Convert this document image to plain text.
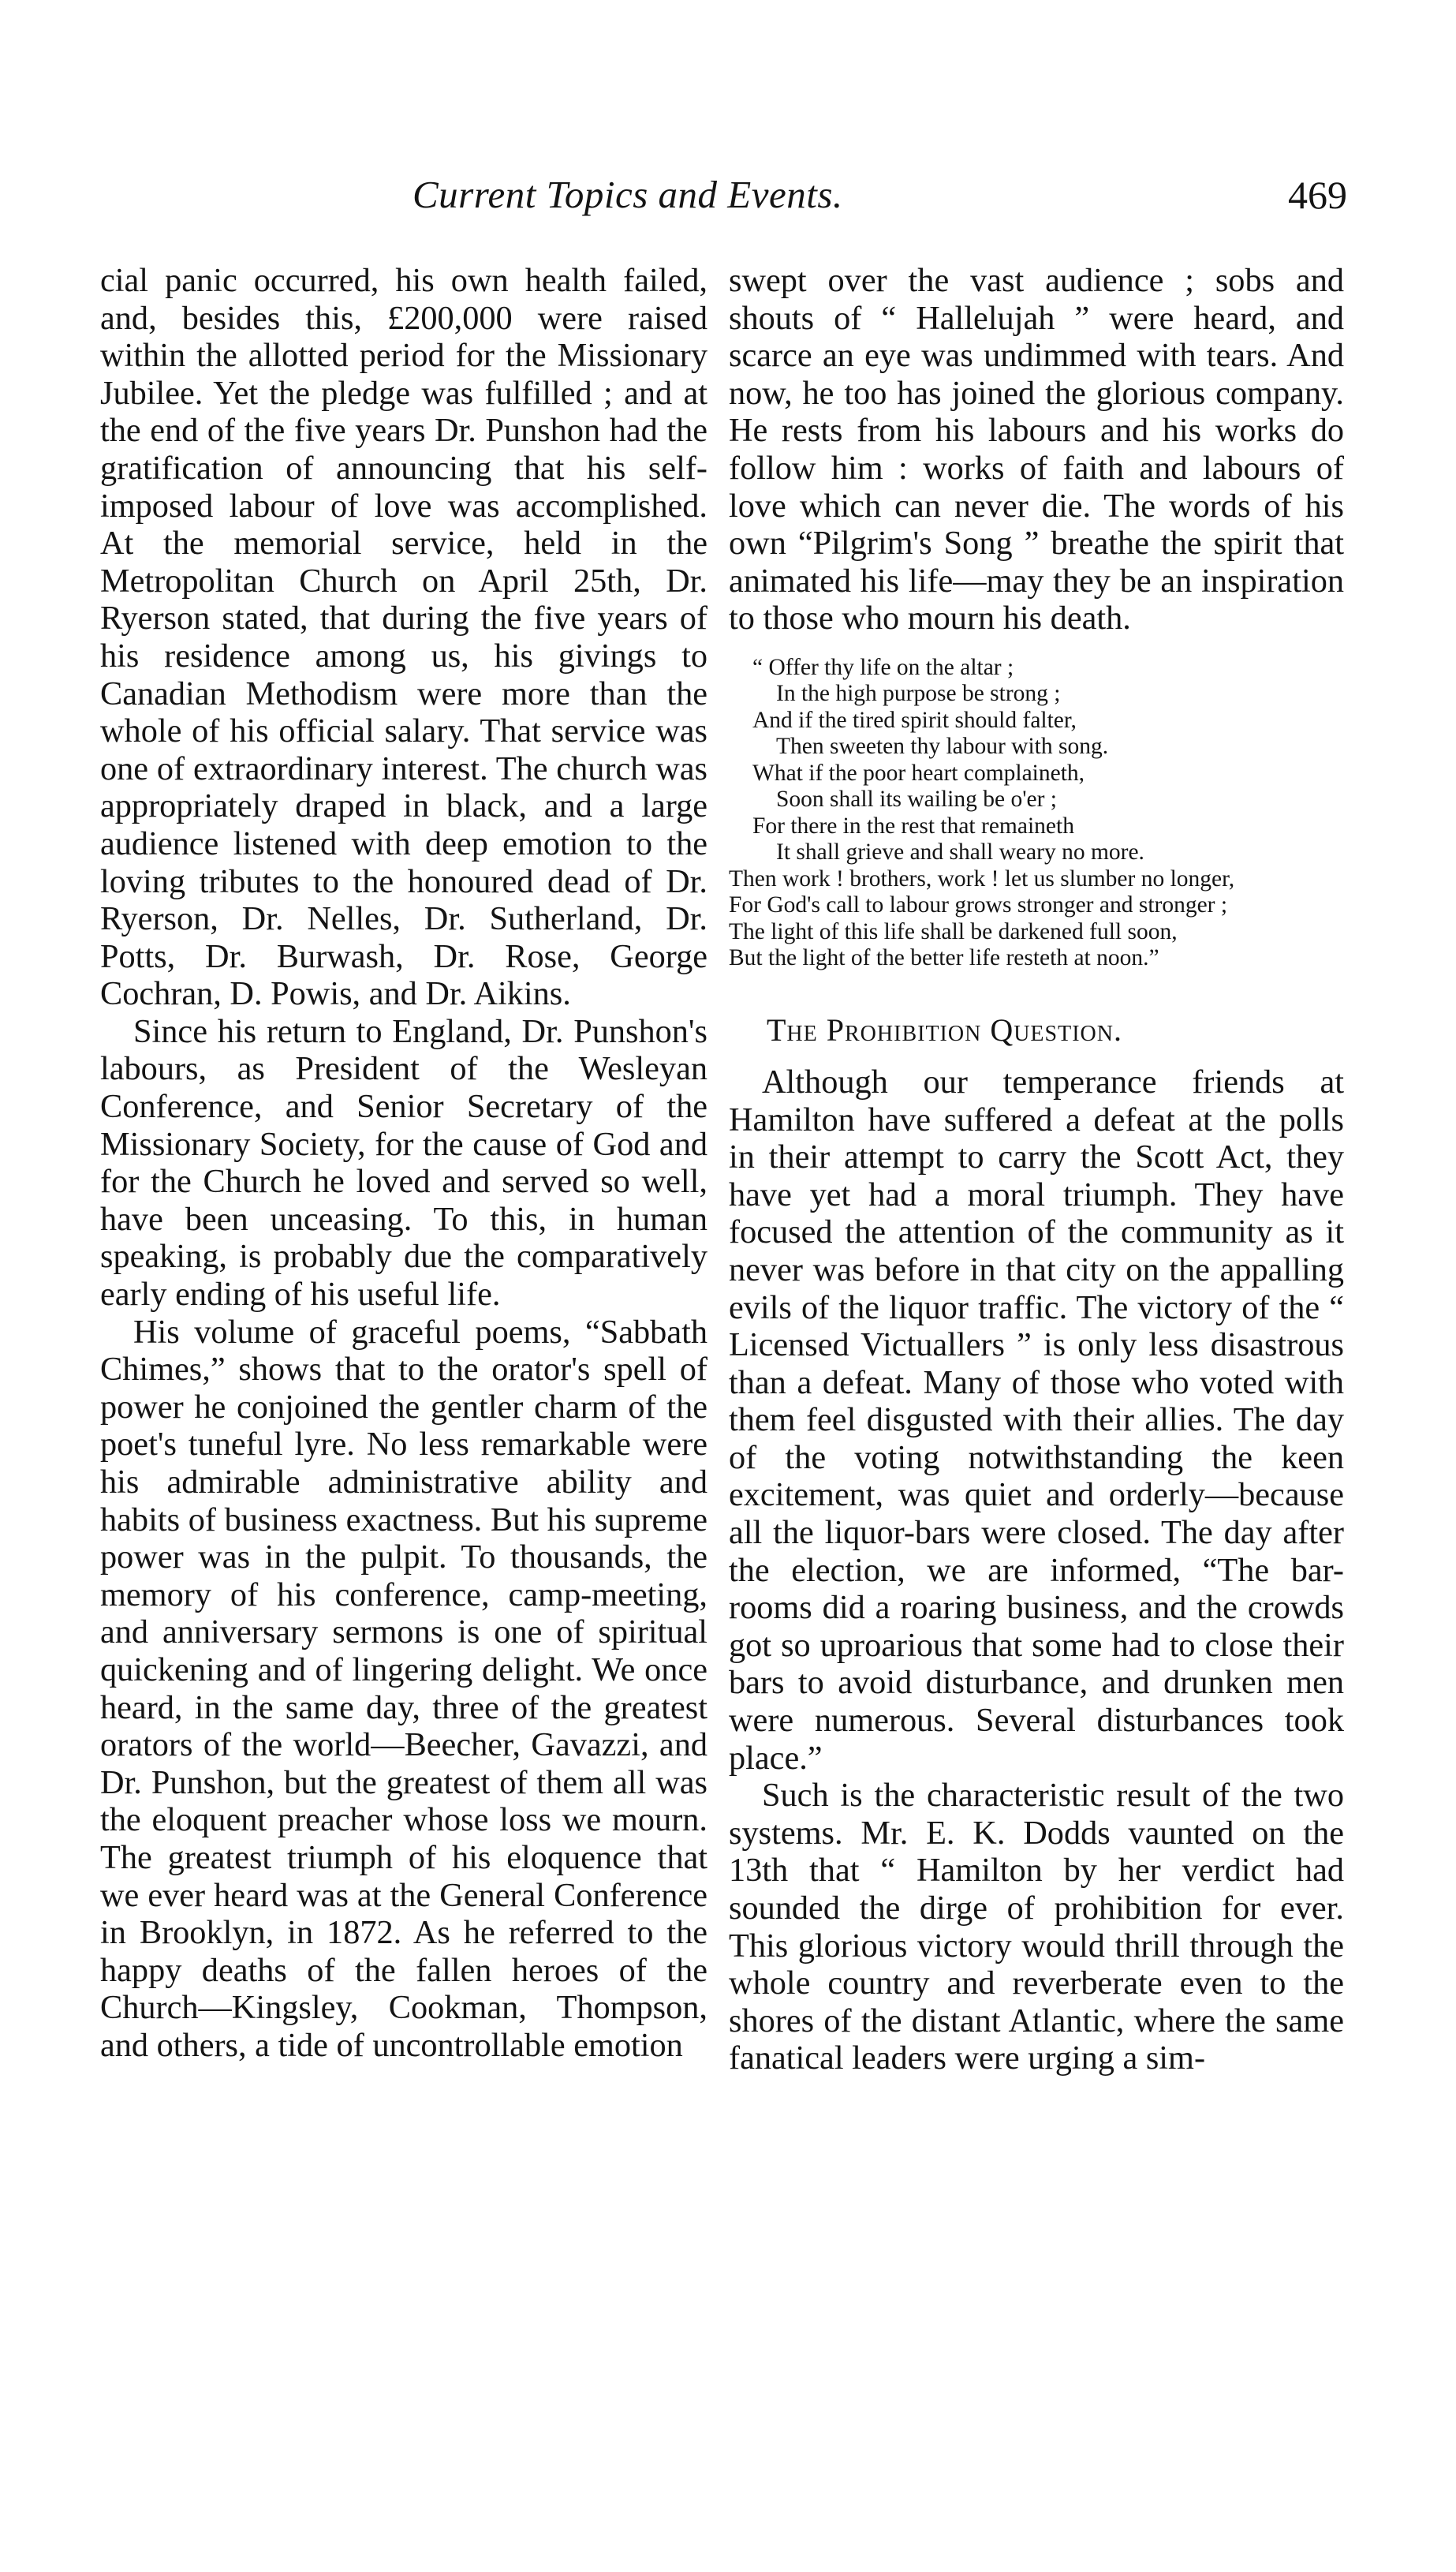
Current Topics and Events.	469

cial panic occurred, his own health failed, and, besides this, £200,000 were raised within the allotted period for the Missionary Jubilee. Yet the pledge was fulfilled ; and at the end of the five years Dr. Punshon had the gratification of announcing that his self-imposed labour of love was accomplished. At the memorial service, held in the Metropolitan Church on April 25th, Dr. Ryerson stated, that during the five years of his residence among us, his givings to Canadian Methodism were more than the whole of his official salary. That service was one of extraordinary interest. The church was appropriately draped in black, and a large audience listened with deep emotion to the loving tributes to the honoured dead of Dr. Ryerson, Dr. Nelles, Dr. Sutherland, Dr. Potts, Dr. Burwash, Dr. Rose, George Cochran, D. Powis, and Dr. Aikins.

Since his return to England, Dr. Punshon's labours, as President of the Wesleyan Conference, and Senior Secretary of the Missionary Society, for the cause of God and for the Church he loved and served so well, have been unceasing. To this, in human speaking, is probably due the comparatively early ending of his useful life.

His volume of graceful poems, “Sabbath Chimes,” shows that to the orator's spell of power he conjoined the gentler charm of the poet's tuneful lyre. No less remarkable were his admirable administrative ability and habits of business exactness. But his supreme power was in the pulpit. To thousands, the memory of his conference, camp-meeting, and anniversary sermons is one of spiritual quickening and of lingering delight. We once heard, in the same day, three of the greatest orators of the world—Beecher, Gavazzi, and Dr. Punshon, but the greatest of them all was the eloquent preacher whose loss we mourn. The greatest triumph of his eloquence that we ever heard was at the General Conference in Brooklyn, in 1872. As he referred to the happy deaths of the fallen heroes of the Church—Kingsley, Cookman, Thompson, and others, a tide of uncontrollable emotion

swept over the vast audience ; sobs and shouts of “ Hallelujah ” were heard, and scarce an eye was undimmed with tears. And now, he too has joined the glorious company. He rests from his labours and his works do follow him : works of faith and labours of love which can never die. The words of his own “Pilgrim's Song ” breathe the spirit that animated his life—may they be an inspiration to those who mourn his death.

“ Offer thy life on the altar ;
In the high purpose be strong ;
And if the tired spirit should falter,
Then sweeten thy labour with song.
What if the poor heart complaineth,
Soon shall its wailing be o'er ;
For there in the rest that remaineth
It shall grieve and shall weary no more.
Then work ! brothers, work ! let us slumber no longer,
For God's call to labour grows stronger and stronger ;
The light of this life shall be darkened full soon,
But the light of the better life resteth at noon.”
The Prohibition Question.

Although our temperance friends at Hamilton have suffered a defeat at the polls in their attempt to carry the Scott Act, they have yet had a moral triumph. They have focused the attention of the community as it never was before in that city on the appalling evils of the liquor traffic. The victory of the “ Licensed Victuallers ” is only less disastrous than a defeat. Many of those who voted with them feel disgusted with their allies. The day of the voting notwithstanding the keen excitement, was quiet and orderly—because all the liquor-bars were closed. The day after the election, we are informed, “The bar-rooms did a roaring business, and the crowds got so uproarious that some had to close their bars to avoid disturbance, and drunken men were numerous. Several disturbances took place.”

Such is the characteristic result of the two systems. Mr. E. K. Dodds vaunted on the 13th that “ Hamilton by her verdict had sounded the dirge of prohibition for ever. This glorious victory would thrill through the whole country and reverberate even to the shores of the distant Atlantic, where the same fanatical leaders were urging a sim-
